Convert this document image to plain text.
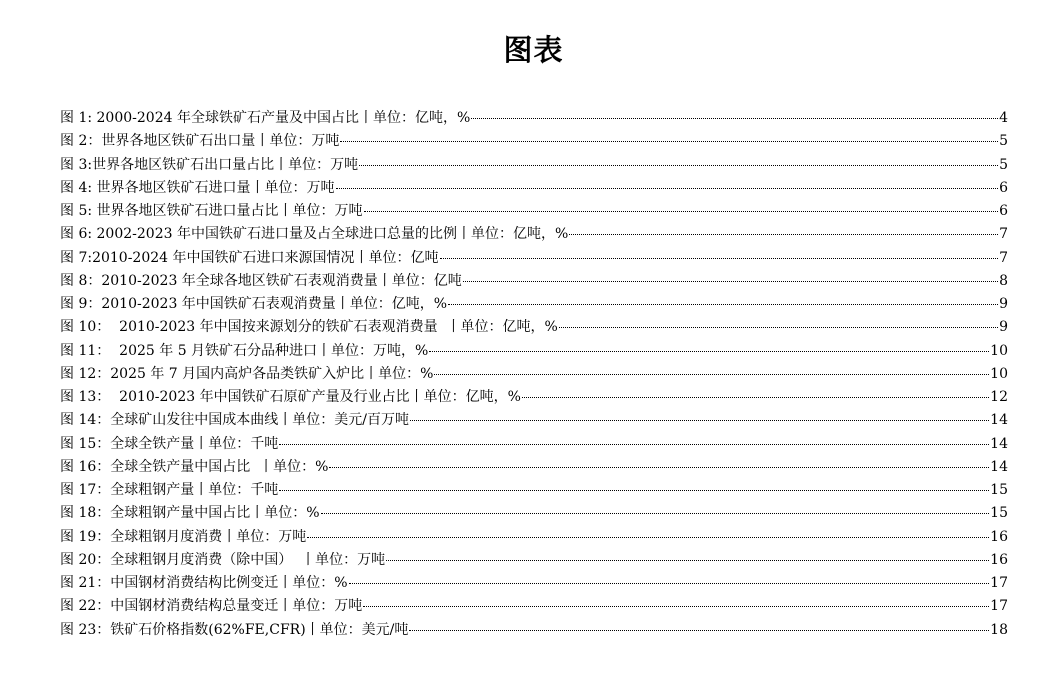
图表
图 1: 2000-2024 年全球铁矿石产量及中国占比丨单位：亿吨，%	4
图 2：世界各地区铁矿石出口量丨单位：万吨	5
图 3:世界各地区铁矿石出口量占比丨单位：万吨	5
图 4: 世界各地区铁矿石进口量丨单位：万吨	6
图 5: 世界各地区铁矿石进口量占比丨单位：万吨	6
图 6: 2002-2023 年中国铁矿石进口量及占全球进口总量的比例丨单位：亿吨，%	7
图 7:2010-2024 年中国铁矿石进口来源国情况丨单位：亿吨	7
图 8：2010-2023 年全球各地区铁矿石表观消费量丨单位：亿吨	8
图 9：2010-2023 年中国铁矿石表观消费量丨单位：亿吨，%	9
图 10：  2010-2023 年中国按来源划分的铁矿石表观消费量  丨单位：亿吨，%	9
图 11：  2025 年 5 月铁矿石分品种进口丨单位：万吨，%	10
图 12：2025 年 7 月国内高炉各品类铁矿入炉比丨单位：%	10
图 13：  2010-2023 年中国铁矿石原矿产量及行业占比丨单位：亿吨，%	12
图 14：全球矿山发往中国成本曲线丨单位：美元/百万吨	14
图 15：全球全铁产量丨单位：千吨	14
图 16：全球全铁产量中国占比  丨单位：%	14
图 17：全球粗钢产量丨单位：千吨	15
图 18：全球粗钢产量中国占比丨单位：%	15
图 19：全球粗钢月度消费丨单位：万吨	16
图 20：全球粗钢月度消费（除中国）  丨单位：万吨	16
图 21：中国钢材消费结构比例变迁丨单位：%	17
图 22：中国钢材消费结构总量变迁丨单位：万吨	17
图 23：铁矿石价格指数(62%FE,CFR)丨单位：美元/吨	18
